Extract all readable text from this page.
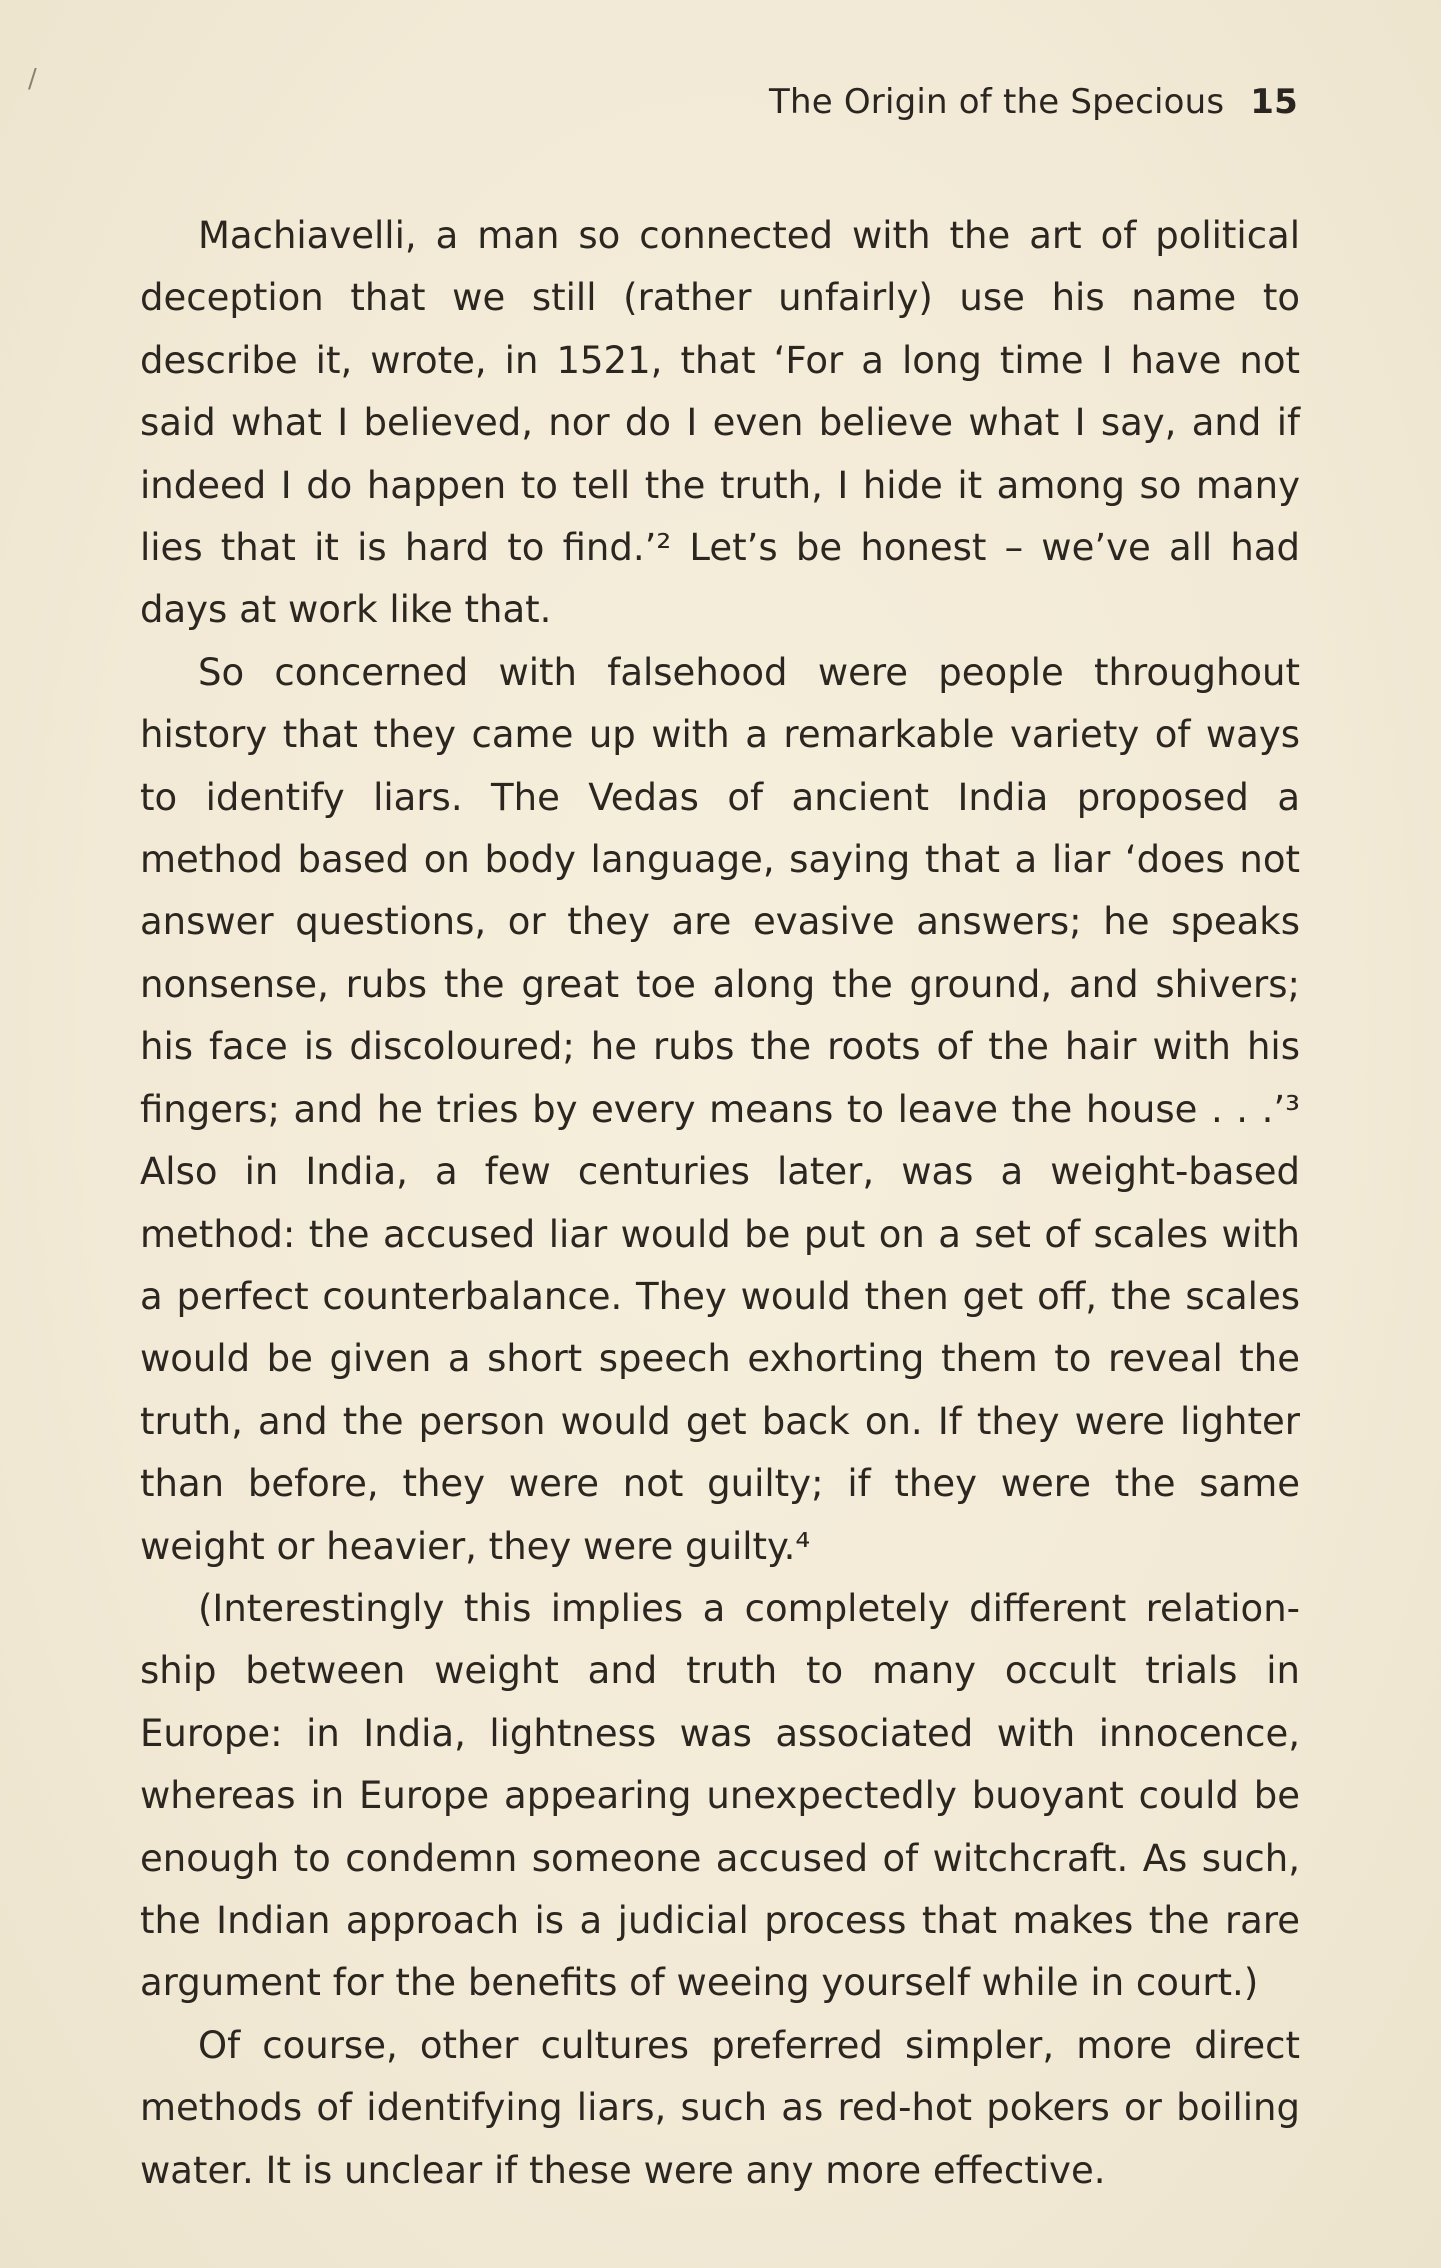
/
The Origin of the Specious 15

Machiavelli, a man so connected with the art of political deception that we still (rather unfairly) use his name to describe it, wrote, in 1521, that ‘For a long time I have not said what I believed, nor do I even believe what I say, and if indeed I do happen to tell the truth, I hide it among so many lies that it is hard to find.’² Let’s be honest – we’ve all had days at work like that.

So concerned with falsehood were people throughout history that they came up with a remarkable variety of ways to identify liars. The Vedas of ancient India proposed a method based on body language, saying that a liar ‘does not answer questions, or they are evasive answers; he speaks nonsense, rubs the great toe along the ground, and shivers; his face is discoloured; he rubs the roots of the hair with his fingers; and he tries by every means to leave the house . . .’³ Also in India, a few centuries later, was a weight-based method: the accused liar would be put on a set of scales with a perfect counterbalance. They would then get off, the scales would be given a short speech exhorting them to reveal the truth, and the person would get back on. If they were lighter than before, they were not guilty; if they were the same weight or heavier, they were guilty.⁴

(Interestingly this implies a completely different relationship between weight and truth to many occult trials in Europe: in India, lightness was associated with innocence, whereas in Europe appearing unexpectedly buoyant could be enough to condemn someone accused of witchcraft. As such, the Indian approach is a judicial process that makes the rare argument for the benefits of weeing yourself while in court.)

Of course, other cultures preferred simpler, more direct methods of identifying liars, such as red-hot pokers or boiling water. It is unclear if these were any more effective.
